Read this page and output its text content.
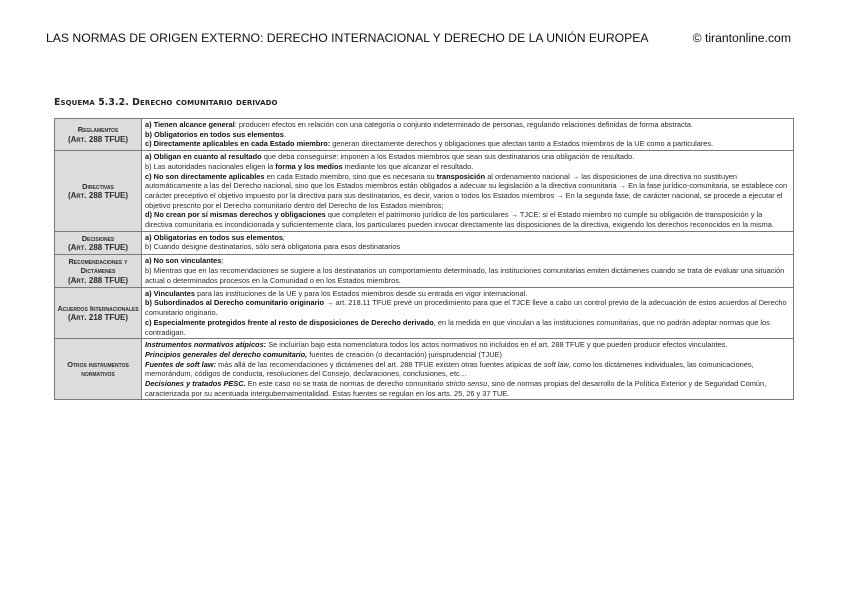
LAS NORMAS DE ORIGEN EXTERNO: DERECHO INTERNACIONAL Y DERECHO DE LA UNIÓN EUROPEA	© tirantonline.com
Esquema 5.3.2. Derecho comunitario derivado
Reglamentos
(Art. 288 TFUE)	a) Tienen alcance general: producen efectos en relación con una categoría o conjunto indeterminado de personas, regulando relaciones definidas de forma abstracta.
b) Obligatorios en todos sus elementos.
c) Directamente aplicables en cada Estado miembro: generan directamente derechos y obligaciones que afectan tanto a Estados miembros de la UE como a particulares.

Directivas
(Art. 288 TFUE)	a) Obligan en cuanto al resultado que deba conseguirse: imponen a los Estados miembros que sean sus destinatarios una obligación de resultado.
b) Las autoridades nacionales eligen la forma y los medios mediante los que alcanzar el resultado.
c) No son directamente aplicables en cada Estado miembro, sino que es necesaria su transposición al ordenamiento nacional → las disposiciones de una directiva no sustituyen automáticamente a las del Derecho nacional, sino que los Estados miembros están obligados a adecuar su legislación a la directiva comunitaria → En la fase jurídico-comunitaria, se establece con carácter preceptivo el objetivo impuesto por la directiva para sus destinatarios, es decir, varios o todos los Estados miembros → En la segunda fase, de carácter nacional, se procede a ejecutar el objetivo prescrito por el Derecho comunitario dentro del Derecho de los Estados miembros;
d) No crean por sí mismas derechos y obligaciones que completen el patrimonio jurídico de los particulares → TJCE: si el Estado miembro no cumple su obligación de transposición y la directiva comunitaria es incondicionada y suficientemente clara, los particulares pueden invocar directamente las disposiciones de la directiva, exigiendo los derechos reconocidos en la misma.

Decisiones
(Art. 288 TFUE)	a) Obligatorias en todos sus elementos;
b) Cuando designe destinatarios, sólo será obligatoria para esos destinatarios

Recomendaciones y Dictámenes
(Art. 288 TFUE)	a) No son vinculantes;
b) Mientras que en las recomendaciones se sugiere a los destinatarios un comportamiento determinado, las instituciones comunitarias emiten dictámenes cuando se trata de evaluar una situación actual o determinados procesos en la Comunidad o en los Estados miembros.

Acuerdos Internacionales
(Art. 218 TFUE)	a) Vinculantes para las instituciones de la UE y para los Estados miembros desde su entrada en vigor internacional.
b) Subordinados al Derecho comunitario originario → art. 218.11 TFUE prevé un procedimiento para que el TJCE lleve a cabo un control previo de la adecuación de estos acuerdos al Derecho comunitario originario.
c) Especialmente protegidos frente al resto de disposiciones de Derecho derivado, en la medida en que vinculan a las instituciones comunitarias, que no podrán adoptar normas que los contradigan.

Otros instrumentos normativos	Instrumentos normativos atípicos: Se incluirían bajo esta nomenclatura todos los actos normativos no incluidos en el art. 288 TFUE y que pueden producir efectos vinculantes.
Principios generales del derecho comunitario, fuentes de creación (o decantación) jurisprudencial (TJUE)
Fuentes de soft law: más allá de las recomendaciones y dictámenes del art. 288 TFUE existen otras fuentes atípicas de soft law, como los dictámenes individuales, las comunicaciones, memorándum, códigos de conducta, resoluciones del Consejo, declaraciones, conclusiones, etc…
Decisiones y tratados PESC. En este caso no se trata de normas de derecho comunitario stricto sensu, sino de normas propias del desarrollo de la Política Exterior y de Seguridad Común, caracterizada por su acentuada intergubernamentalidad. Estas fuentes se regulan en los arts. 25, 26 y 37 TUE.
